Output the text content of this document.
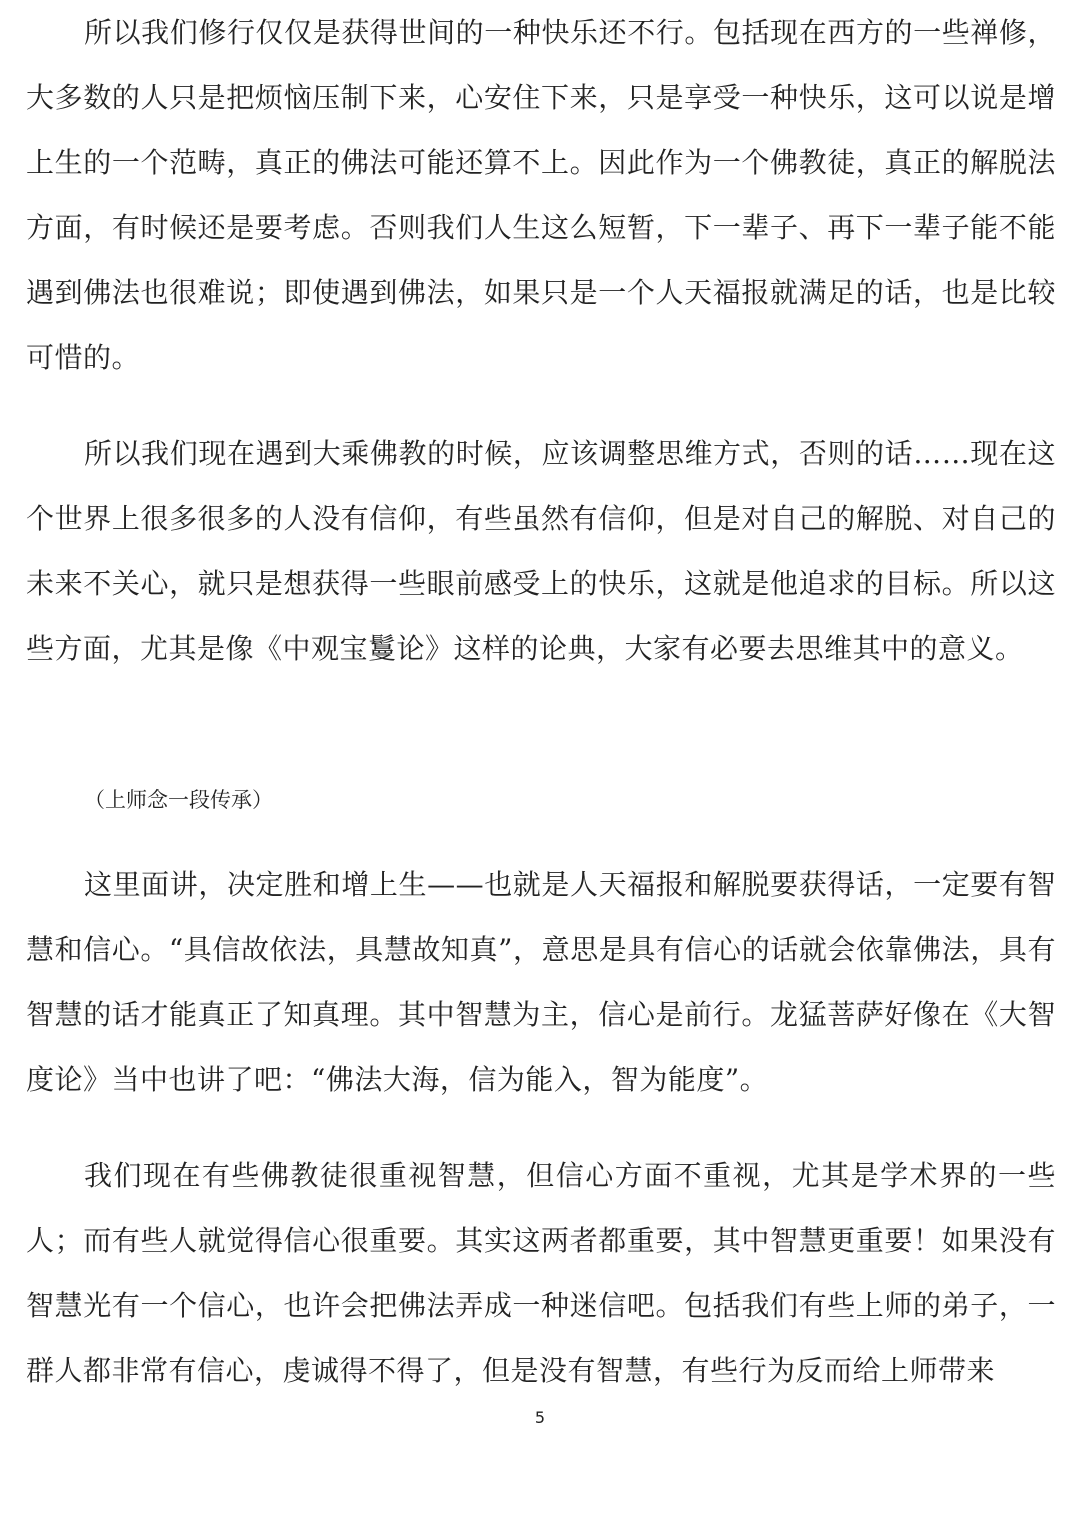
所以我们修行仅仅是获得世间的一种快乐还不行。包括现在西方的一些禅修，大多数的人只是把烦恼压制下来，心安住下来，只是享受一种快乐，这可以说是增上生的一个范畴，真正的佛法可能还算不上。因此作为一个佛教徒，真正的解脱法方面，有时候还是要考虑。否则我们人生这么短暂，下一辈子、再下一辈子能不能遇到佛法也很难说；即使遇到佛法，如果只是一个人天福报就满足的话，也是比较可惜的。

所以我们现在遇到大乘佛教的时候，应该调整思维方式，否则的话……现在这个世界上很多很多的人没有信仰，有些虽然有信仰，但是对自己的解脱、对自己的未来不关心，就只是想获得一些眼前感受上的快乐，这就是他追求的目标。所以这些方面，尤其是像《中观宝鬘论》这样的论典，大家有必要去思维其中的意义。

（上师念一段传承）

这里面讲，决定胜和增上生——也就是人天福报和解脱要获得话，一定要有智慧和信心。“具信故依法，具慧故知真”，意思是具有信心的话就会依靠佛法，具有智慧的话才能真正了知真理。其中智慧为主，信心是前行。龙猛菩萨好像在《大智度论》当中也讲了吧：“佛法大海，信为能入，智为能度”。

我们现在有些佛教徒很重视智慧，但信心方面不重视，尤其是学术界的一些人；而有些人就觉得信心很重要。其实这两者都重要，其中智慧更重要！如果没有智慧光有一个信心，也许会把佛法弄成一种迷信吧。包括我们有些上师的弟子，一群人都非常有信心，虔诚得不得了，但是没有智慧，有些行为反而给上师带来

5
